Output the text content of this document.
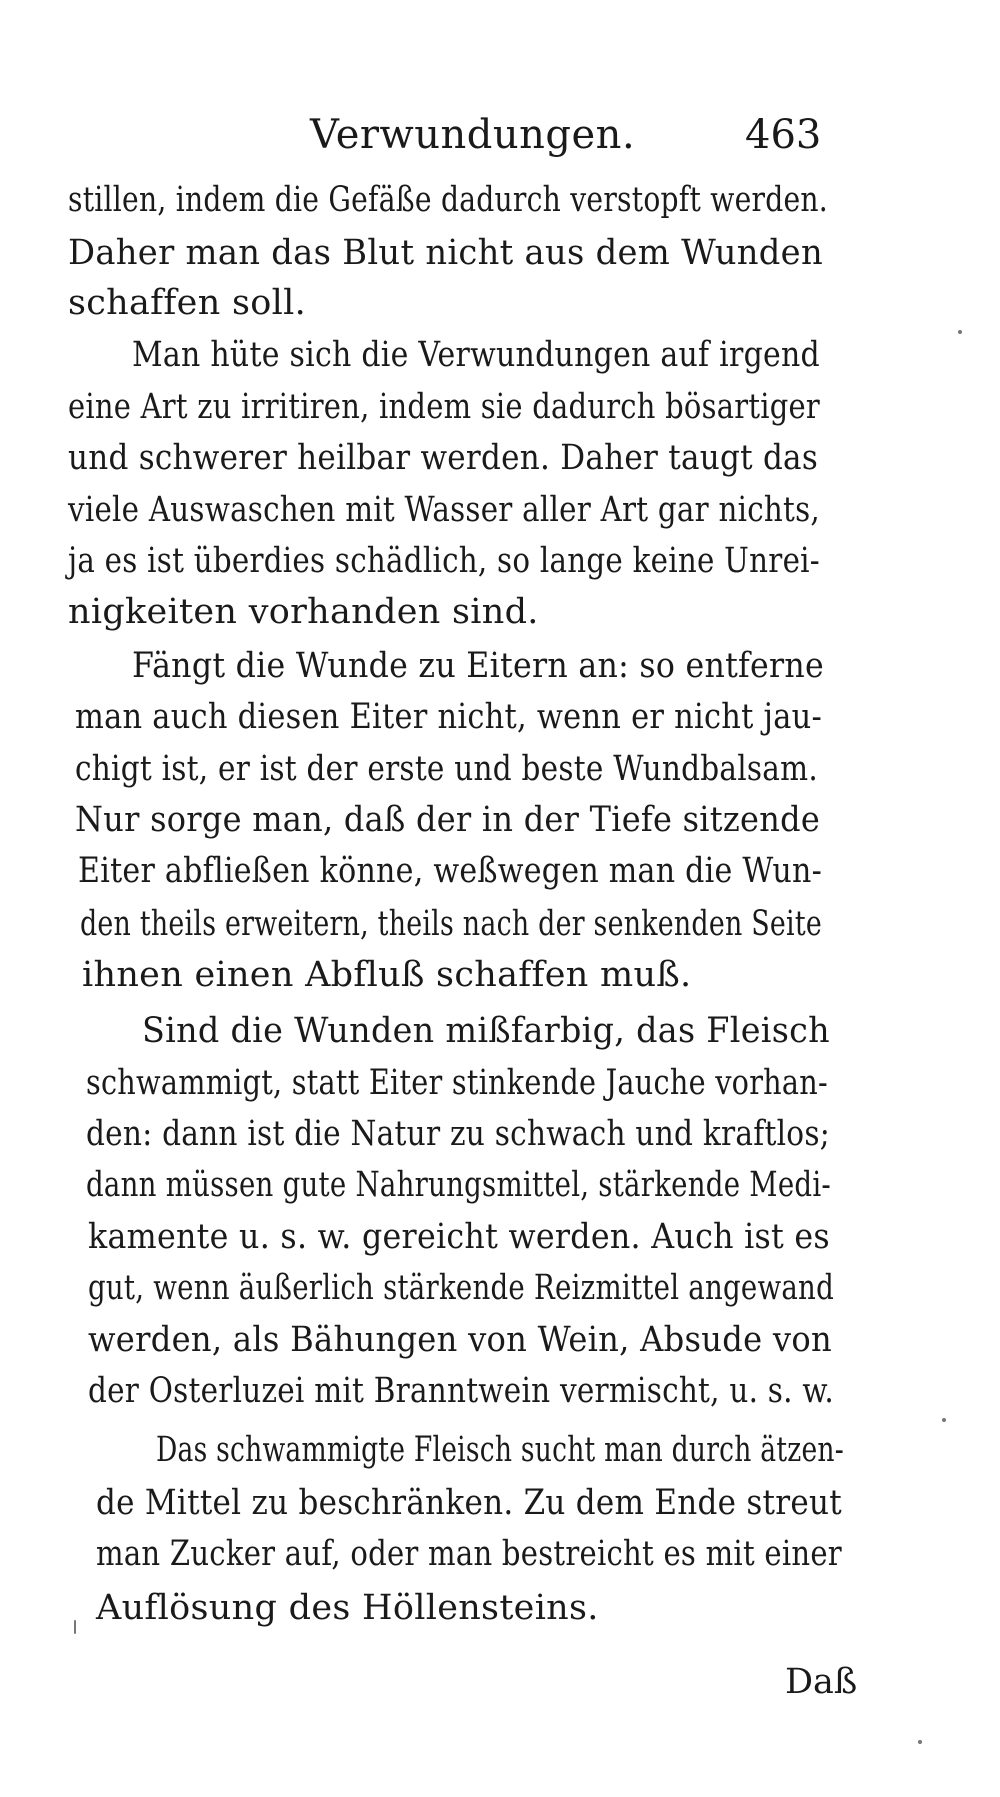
Verwundungen.	463
stillen, indem die Gefäße dadurch verstopft werden.
Daher man das Blut nicht aus dem Wunden
schaffen soll.
Man hüte sich die Verwundungen auf irgend
eine Art zu irritiren, indem sie dadurch bösartiger
und schwerer heilbar werden. Daher taugt das
viele Auswaschen mit Wasser aller Art gar nichts,
ja es ist überdies schädlich, so lange keine Unrei-
nigkeiten vorhanden sind.
Fängt die Wunde zu Eitern an: so entferne
man auch diesen Eiter nicht, wenn er nicht jau-
chigt ist, er ist der erste und beste Wundbalsam.
Nur sorge man, daß der in der Tiefe sitzende
Eiter abfließen könne, weßwegen man die Wun-
den theils erweitern, theils nach der senkenden Seite
ihnen einen Abfluß schaffen muß.
Sind die Wunden mißfarbig, das Fleisch
schwammigt, statt Eiter stinkende Jauche vorhan-
den: dann ist die Natur zu schwach und kraftlos;
dann müssen gute Nahrungsmittel, stärkende Medi-
kamente u. s. w. gereicht werden. Auch ist es
gut, wenn äußerlich stärkende Reizmittel angewand
werden, als Bähungen von Wein, Absude von
der Osterluzei mit Branntwein vermischt, u. s. w.
Das schwammigte Fleisch sucht man durch ätzen-
de Mittel zu beschränken. Zu dem Ende streut
man Zucker auf, oder man bestreicht es mit einer
Auflösung des Höllensteins.
Daß
